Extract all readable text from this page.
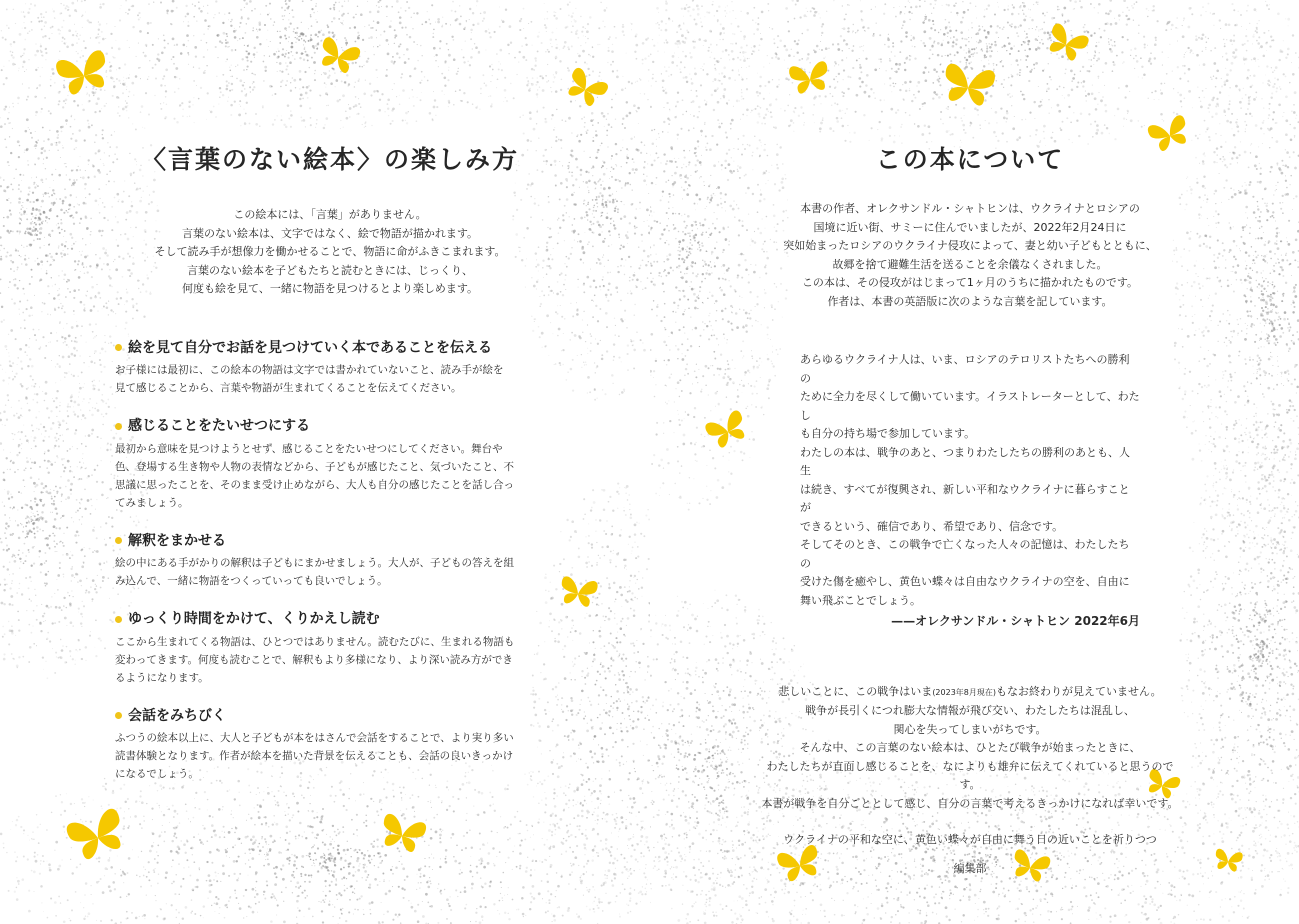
〈言葉のない絵本〉の楽しみ方

この絵本には、「言葉」がありません。

言葉のない絵本は、文字ではなく、絵で物語が描かれます。

そして読み手が想像力を働かせることで、物語に命がふきこまれます。

言葉のない絵本を子どもたちと読むときには、じっくり、

何度も絵を見て、一緒に物語を見つけるとより楽しめます。

絵を見て自分でお話を見つけていく本であることを伝える

お子様には最初に、この絵本の物語は文字では書かれていないこと、読み手が絵を

見て感じることから、言葉や物語が生まれてくることを伝えてください。

感じることをたいせつにする

最初から意味を見つけようとせず、感じることをたいせつにしてください。舞台や

色、登場する生き物や人物の表情などから、子どもが感じたこと、気づいたこと、不

思議に思ったことを、そのまま受け止めながら、大人も自分の感じたことを話し合っ

てみましょう。

解釈をまかせる

絵の中にある手がかりの解釈は子どもにまかせましょう。大人が、子どもの答えを組

み込んで、一緒に物語をつくっていっても良いでしょう。

ゆっくり時間をかけて、くりかえし読む

ここから生まれてくる物語は、ひとつではありません。読むたびに、生まれる物語も

変わってきます。何度も読むことで、解釈もより多様になり、より深い読み方ができ

るようになります。

会話をみちびく

ふつうの絵本以上に、大人と子どもが本をはさんで会話をすることで、より実り多い

読書体験となります。作者が絵本を描いた背景を伝えることも、会話の良いきっかけ

になるでしょう。

この本について

本書の作者、オレクサンドル・シャトヒンは、ウクライナとロシアの

国境に近い街、サミーに住んでいましたが、2022年2月24日に

突如始まったロシアのウクライナ侵攻によって、妻と幼い子どもとともに、

故郷を捨て避難生活を送ることを余儀なくされました。

この本は、その侵攻がはじまって1ヶ月のうちに描かれたものです。

作者は、本書の英語版に次のような言葉を記しています。

あらゆるウクライナ人は、いま、ロシアのテロリストたちへの勝利の

ために全力を尽くして働いています。イラストレーターとして、わたし

も自分の持ち場で参加しています。

わたしの本は、戦争のあと、つまりわたしたちの勝利のあとも、人生

は続き、すべてが復興され、新しい平和なウクライナに暮らすことが

できるという、確信であり、希望であり、信念です。

そしてそのとき、この戦争で亡くなった人々の記憶は、わたしたちの

受けた傷を癒やし、黄色い蝶々は自由なウクライナの空を、自由に

舞い飛ぶことでしょう。

——オレクサンドル・シャトヒン 2022年6月

悲しいことに、この戦争はいま(2023年8月現在)もなお終わりが見えていません。

戦争が長引くにつれ膨大な情報が飛び交い、わたしたちは混乱し、

関心を失ってしまいがちです。

そんな中、この言葉のない絵本は、ひとたび戦争が始まったときに、

わたしたちが直面し感じることを、なによりも雄弁に伝えてくれていると思うのです。

本書が戦争を自分ごととして感じ、自分の言葉で考えるきっかけになれば幸いです。

ウクライナの平和な空に、黄色い蝶々が自由に舞う日の近いことを祈りつつ

編集部
